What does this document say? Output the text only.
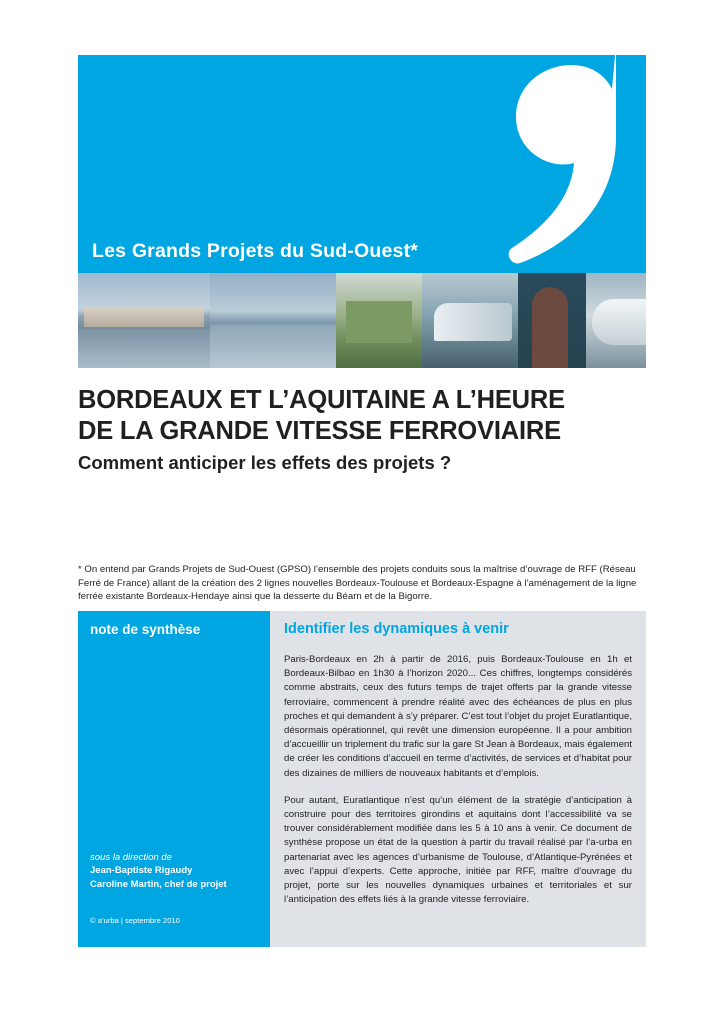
Les Grands Projets du Sud-Ouest*
BORDEAUX ET L’AQUITAINE A L’HEURE
DE LA GRANDE VITESSE FERROVIAIRE
Comment anticiper les effets des projets ?
* On entend par Grands Projets de Sud-Ouest (GPSO) l’ensemble des projets conduits sous la maîtrise d’ouvrage de RFF (Réseau Ferré de France) allant de la création des 2 lignes nouvelles Bordeaux-Toulouse et Bordeaux-Espagne à l’aménagement de la ligne ferrée existante Bordeaux-Hendaye ainsi que la desserte du Béarn et de la Bigorre.
note de synthèse
sous la direction de
Jean-Baptiste Rigaudy
Caroline Martin, chef de projet
© a’urba | septembre 2010
Identifier les dynamiques à venir

Paris-Bordeaux en 2h à partir de 2016, puis Bordeaux-Toulouse en 1h et Bordeaux-Bilbao en 1h30 à l’horizon 2020... Ces chiffres, longtemps considérés comme abstraits, ceux des futurs temps de trajet offerts par la grande vitesse ferroviaire, commencent à prendre réalité avec des échéances de plus en plus proches et qui demandent à s’y préparer. C’est tout l’objet du projet Euratlantique, désormais opérationnel, qui revêt une dimension européenne. Il a pour ambition d’accueillir un triplement du trafic sur la gare St Jean à Bordeaux, mais également de créer les conditions d’accueil en terme d’activités, de services et d’habitat pour des dizaines de milliers de nouveaux habitants et d’emplois.

Pour autant, Euratlantique n’est qu’un élément de la stratégie d’anticipation à construire pour des territoires girondins et aquitains dont l’accessibilité va se trouver considérablement modifiée dans les 5 à 10 ans à venir. Ce document de synthèse propose un état de la question à partir du travail réalisé par l’a-urba en partenariat avec les agences d’urbanisme de Toulouse, d’Atlantique-Pyrénées et avec l’appui d’experts. Cette approche, initiée par RFF, maître d’ouvrage du projet, porte sur les nouvelles dynamiques urbaines et territoriales et sur l’anticipation des effets liés à la grande vitesse ferroviaire.
